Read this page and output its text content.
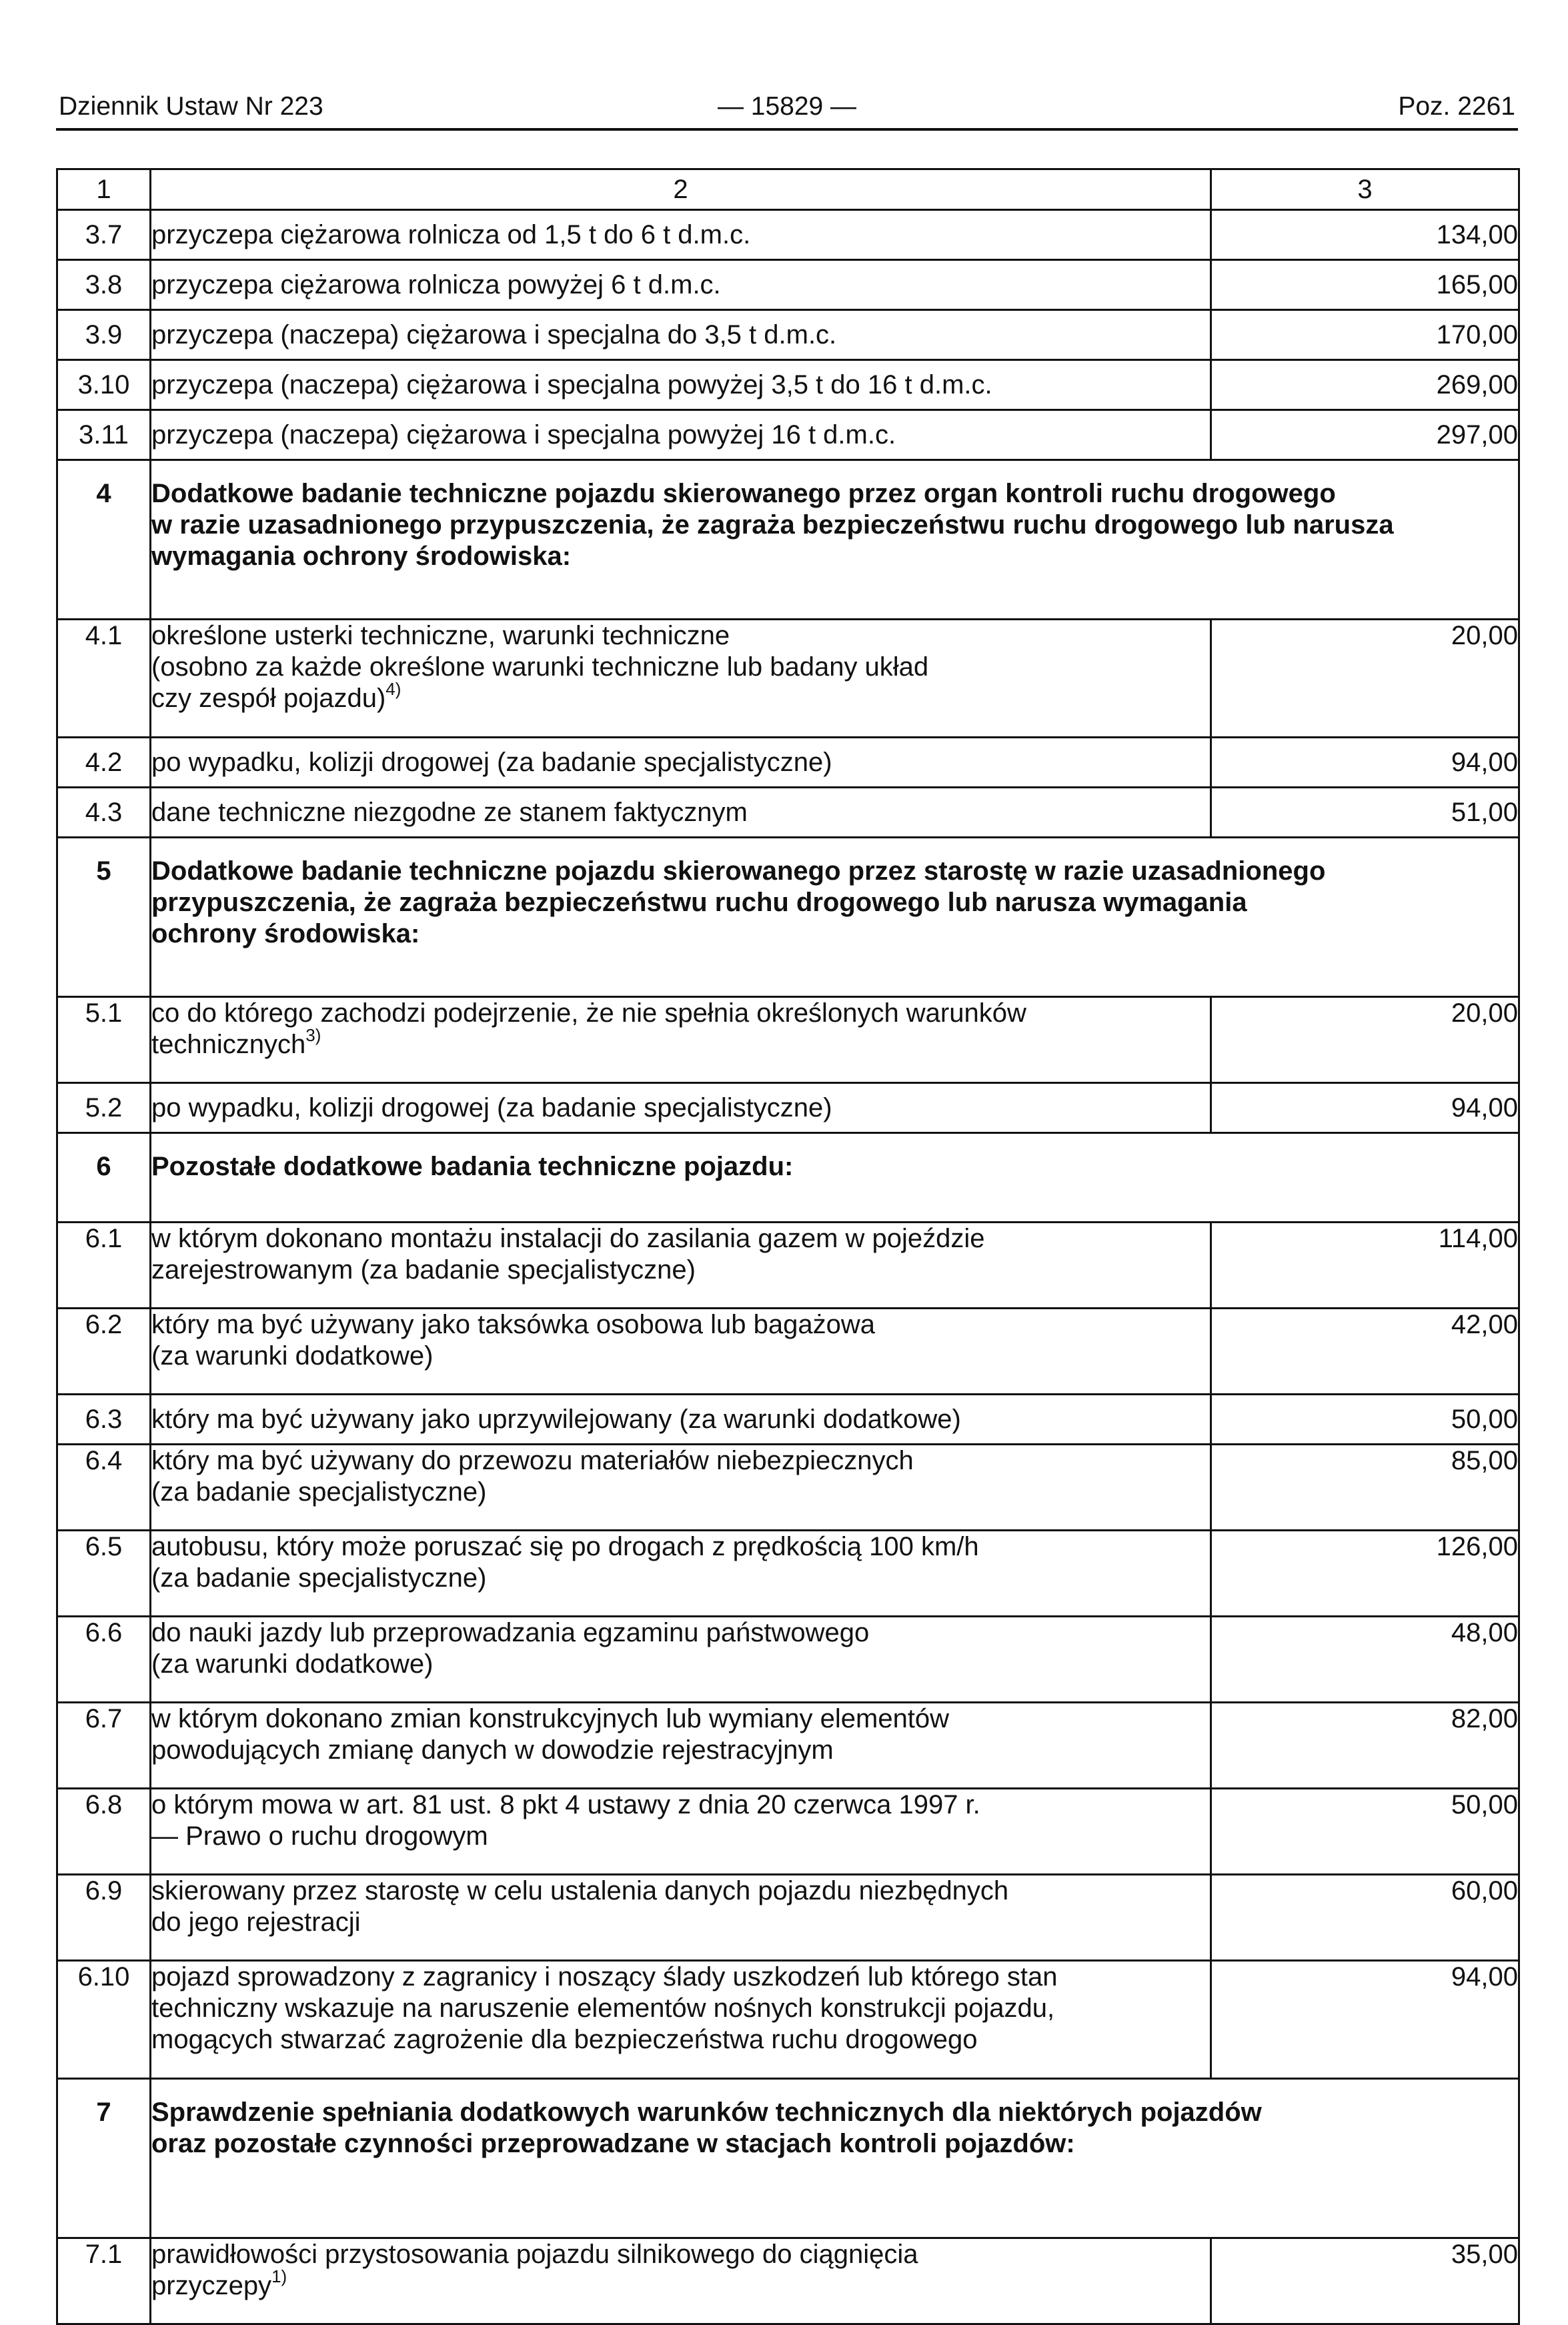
Dziennik Ustaw Nr 223	— 15829 —	Poz. 2261
1	2	3
3.7	przyczepa ciężarowa rolnicza od 1,5 t do 6 t d.m.c.	134,00
3.8	przyczepa ciężarowa rolnicza powyżej 6 t d.m.c.	165,00
3.9	przyczepa (naczepa) ciężarowa i specjalna do 3,5 t d.m.c.	170,00
3.10	przyczepa (naczepa) ciężarowa i specjalna powyżej 3,5 t do 16 t d.m.c.	269,00
3.11	przyczepa (naczepa) ciężarowa i specjalna powyżej 16 t d.m.c.	297,00
4	Dodatkowe badanie techniczne pojazdu skierowanego przez organ kontroli ruchu drogowego
w razie uzasadnionego przypuszczenia, że zagraża bezpieczeństwu ruchu drogowego lub narusza
wymagania ochrony środowiska:	

4.1	określone usterki techniczne, warunki techniczne
(osobno za każde określone warunki techniczne lub badany układ
czy zespół pojazdu)$^{4)}$	20,00
4.2	po wypadku, kolizji drogowej (za badanie specjalistyczne)	94,00
4.3	dane techniczne niezgodne ze stanem faktycznym	51,00
5	Dodatkowe badanie techniczne pojazdu skierowanego przez starostę w razie uzasadnionego
przypuszczenia, że zagraża bezpieczeństwu ruchu drogowego lub narusza wymagania
ochrony środowiska:	

5.1	co do którego zachodzi podejrzenie, że nie spełnia określonych warunków
technicznych$^{3)}$	20,00
5.2	po wypadku, kolizji drogowej (za badanie specjalistyczne)	94,00
6	Pozostałe dodatkowe badania techniczne pojazdu:	

6.1	w którym dokonano montażu instalacji do zasilania gazem w pojeździe
zarejestrowanym (za badanie specjalistyczne)	114,00
6.2	który ma być używany jako taksówka osobowa lub bagażowa
(za warunki dodatkowe)	42,00
6.3	który ma być używany jako uprzywilejowany (za warunki dodatkowe)	50,00
6.4	który ma być używany do przewozu materiałów niebezpiecznych
(za badanie specjalistyczne)	85,00
6.5	autobusu, który może poruszać się po drogach z prędkością 100 km/h
(za badanie specjalistyczne)	126,00
6.6	do nauki jazdy lub przeprowadzania egzaminu państwowego
(za warunki dodatkowe)	48,00
6.7	w którym dokonano zmian konstrukcyjnych lub wymiany elementów
powodujących zmianę danych w dowodzie rejestracyjnym	82,00
6.8	o którym mowa w art. 81 ust. 8 pkt 4 ustawy z dnia 20 czerwca 1997 r.
— Prawo o ruchu drogowym	50,00
6.9	skierowany przez starostę w celu ustalenia danych pojazdu niezbędnych
do jego rejestracji	60,00
6.10	pojazd sprowadzony z zagranicy i noszący ślady uszkodzeń lub którego stan
techniczny wskazuje na naruszenie elementów nośnych konstrukcji pojazdu,
mogących stwarzać zagrożenie dla bezpieczeństwa ruchu drogowego	94,00
7	Sprawdzenie spełniania dodatkowych warunków technicznych dla niektórych pojazdów
oraz pozostałe czynności przeprowadzane w stacjach kontroli pojazdów:	

7.1	prawidłowości przystosowania pojazdu silnikowego do ciągnięcia
przyczepy$^{1)}$	35,00
